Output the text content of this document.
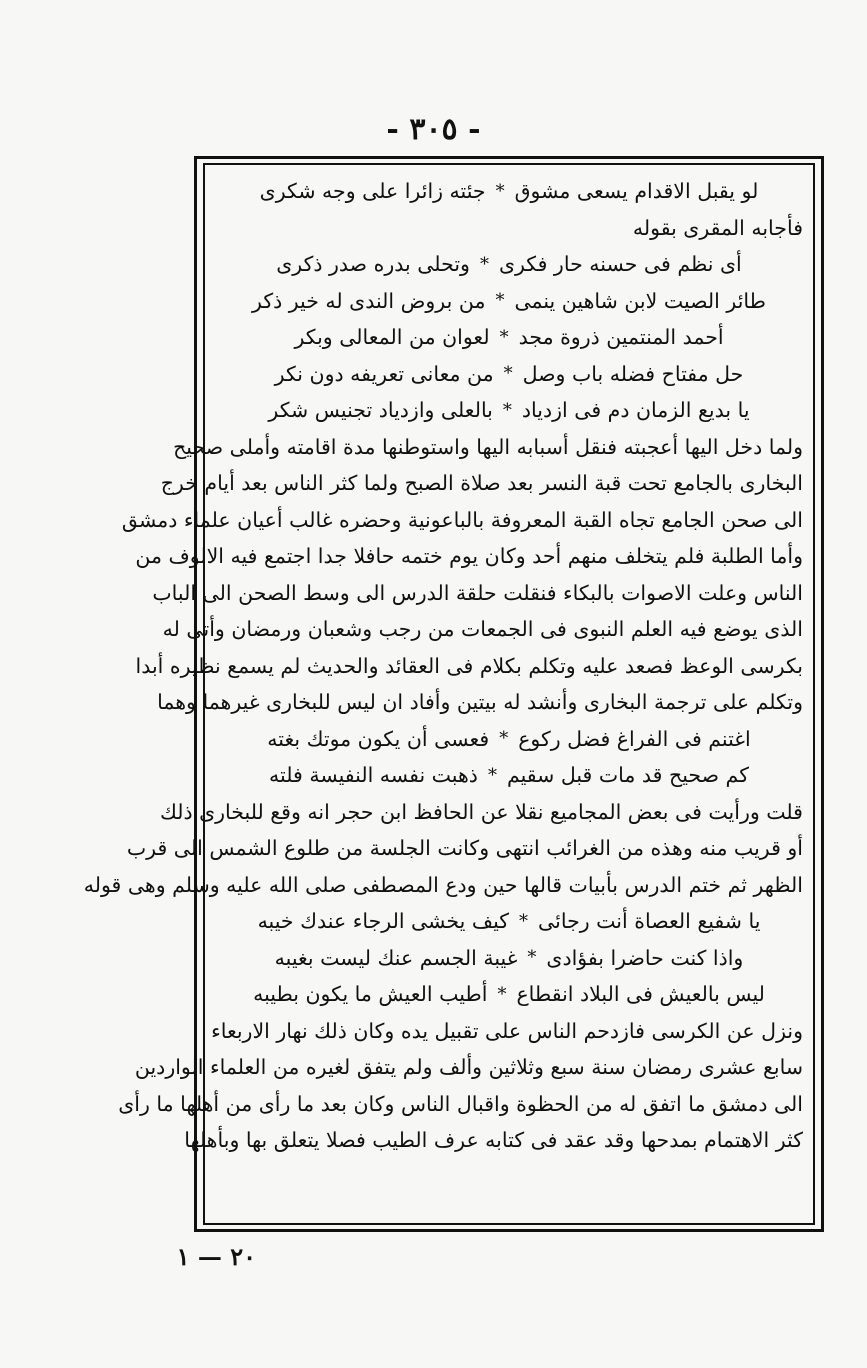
- ٣٠٥ -
لو يقبل الاقدام يسعى مشوق
*
جئته زائرا على وجه شكرى
فأجابه المقرى بقوله
أى نظم فى حسنه حار فكرى
*
وتحلى بدره صدر ذكرى
طائر الصيت لابن شاهين ينمى
*
من بروض الندى له خير ذكر
أحمد المنتمين ذروة مجد
*
لعوان من المعالى وبكر
حل مفتاح فضله باب وصل
*
من معانى تعريفه دون نكر
يا بديع الزمان دم فى ازدياد
*
بالعلى وازدياد تجنيس شكر
ولما دخل اليها أعجبته فنقل أسبابه اليها واستوطنها مدة اقامته وأملى صحيح
البخارى بالجامع تحت قبة النسر بعد صلاة الصبح ولما كثر الناس بعد أيام خرج
الى صحن الجامع تجاه القبة المعروفة بالباعونية وحضره غالب أعيان علماء دمشق
وأما الطلبة فلم يتخلف منهم أحد وكان يوم ختمه حافلا جدا اجتمع فيه الالوف من
الناس وعلت الاصوات بالبكاء فنقلت حلقة الدرس الى وسط الصحن الى الباب
الذى يوضع فيه العلم النبوى فى الجمعات من رجب وشعبان ورمضان وأتى له
بكرسى الوعظ فصعد عليه وتكلم بكلام فى العقائد والحديث لم يسمع نظيره أبدا
وتكلم على ترجمة البخارى وأنشد له بيتين وأفاد ان ليس للبخارى غيرهما وهما
اغتنم فى الفراغ فضل ركوع
*
فعسى أن يكون موتك بغته
كم صحيح قد مات قبل سقيم
*
ذهبت نفسه النفيسة فلته
قلت ورأيت فى بعض المجاميع نقلا عن الحافظ ابن حجر انه وقع للبخارى ذلك
أو قريب منه وهذه من الغرائب انتهى وكانت الجلسة من طلوع الشمس الى قرب
الظهر ثم ختم الدرس بأبيات قالها حين ودع المصطفى صلى الله عليه وسلم وهى قوله
يا شفيع العصاة أنت رجائى
*
كيف يخشى الرجاء عندك خيبه
واذا كنت حاضرا بفؤادى
*
غيبة الجسم عنك ليست بغيبه
ليس بالعيش فى البلاد انقطاع
*
أطيب العيش ما يكون بطيبه
ونزل عن الكرسى فازدحم الناس على تقبيل يده وكان ذلك نهار الاربعاء
سابع عشرى رمضان سنة سبع وثلاثين وألف ولم يتفق لغيره من العلماء الواردين
الى دمشق ما اتفق له من الحظوة واقبال الناس وكان بعد ما رأى من أهلها ما رأى
كثر الاهتمام بمدحها وقد عقد فى كتابه عرف الطيب فصلا يتعلق بها وبأهلها
٢٠ — ١
